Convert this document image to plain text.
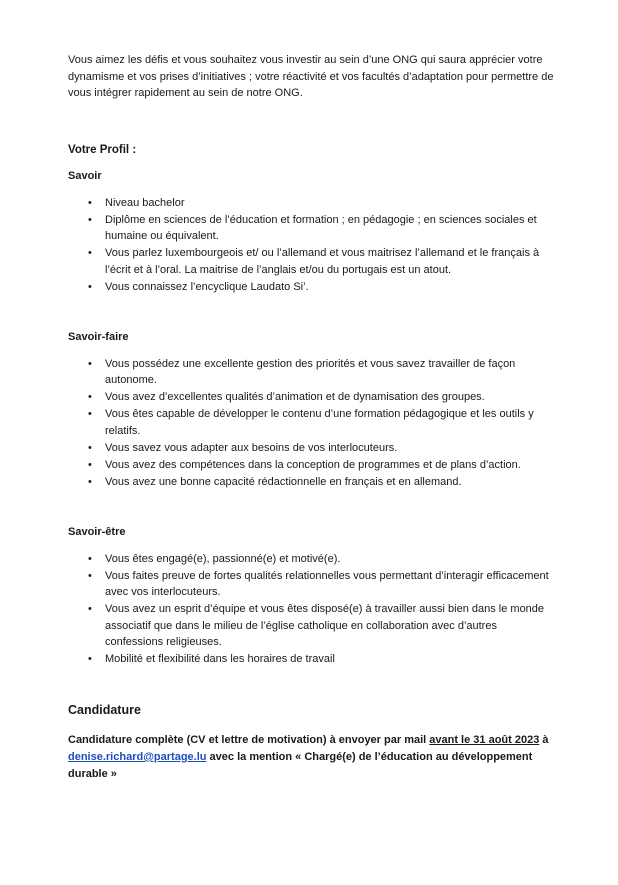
Vous aimez les défis et vous souhaitez vous investir au sein d’une ONG qui saura apprécier votre dynamisme et vos prises d’initiatives ; votre réactivité et vos facultés d’adaptation pour permettre de vous intégrer rapidement au sein de notre ONG.

Votre Profil :
Savoir
• Niveau bachelor
• Diplôme en sciences de l’éducation et formation ; en pédagogie ; en sciences sociales et humaine ou équivalent.
• Vous parlez luxembourgeois et/ ou l’allemand et vous maitrisez l’allemand et le français à l’écrit et à l’oral. La maitrise de l’anglais et/ou du portugais est un atout.
• Vous connaissez l’encyclique Laudato Si’.
Savoir-faire
• Vous possédez une excellente gestion des priorités et vous savez travailler de façon autonome.
• Vous avez d’excellentes qualités d’animation et de dynamisation des groupes.
• Vous êtes capable de développer le contenu d’une formation pédagogique et les outils y relatifs.
• Vous savez vous adapter aux besoins de vos interlocuteurs.
• Vous avez des compétences dans la conception de programmes et de plans d’action.
• Vous avez une bonne capacité rédactionnelle en français et en allemand.
Savoir-être
• Vous êtes engagé(e), passionné(e) et motivé(e).
• Vous faites preuve de fortes qualités relationnelles vous permettant d’interagir efficacement avec vos interlocuteurs.
• Vous avez un esprit d’équipe et vous êtes disposé(e) à travailler aussi bien dans le monde associatif que dans le milieu de l’église catholique en collaboration avec d’autres confessions religieuses.
• Mobilité et flexibilité dans les horaires de travail
Candidature

Candidature complète (CV et lettre de motivation) à envoyer par mail avant le 31 août 2023 à denise.richard@partage.lu avec la mention « Chargé(e) de l’éducation au développement durable »
